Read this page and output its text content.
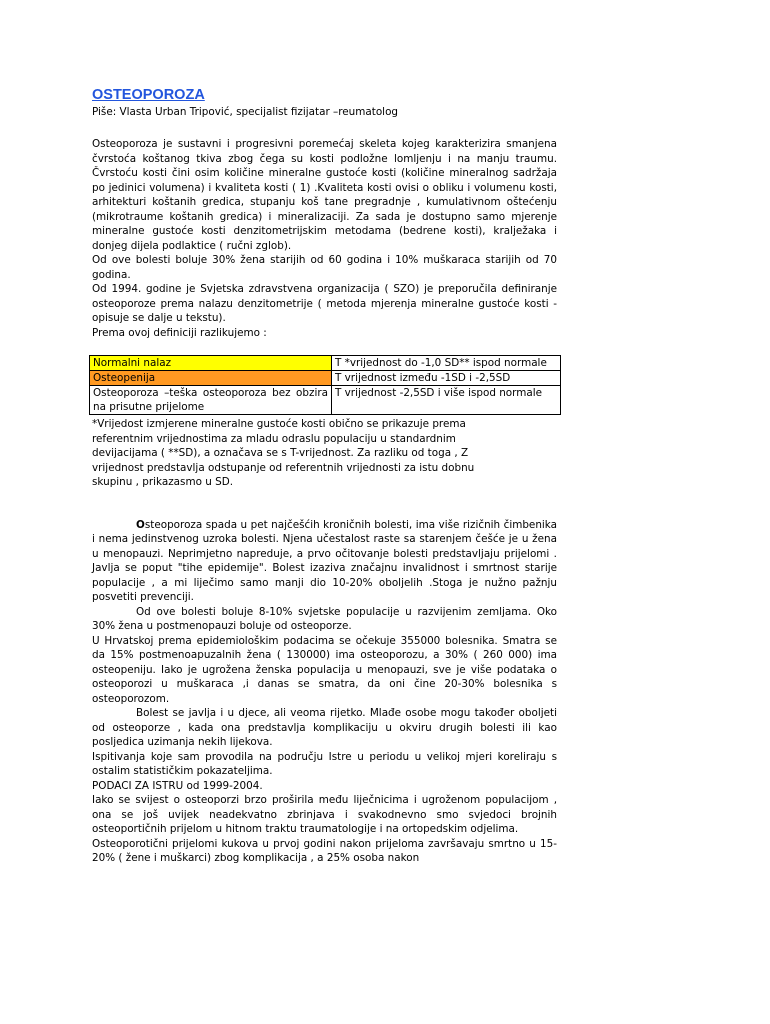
OSTEOPOROZA

Piše: Vlasta Urban Tripović, specijalist fizijatar –reumatolog

Osteoporoza je sustavni i progresivni poremećaj skeleta kojeg karakterizira smanjena čvrstoća koštanog tkiva zbog čega su kosti podložne lomljenju i na manju traumu. Čvrstoću kosti čini osim količine mineralne gustoće kosti (količine mineralnog sadržaja po jedinici volumena) i kvaliteta kosti ( 1) .Kvaliteta kosti ovisi o obliku i volumenu kosti, arhitekturi koštanih gredica, stupanju koš tane pregradnje , kumulativnom oštećenju (mikrotraume koštanih gredica) i mineralizaciji. Za sada je dostupno samo mjerenje mineralne gustoće kosti denzitometrijskim metodama (bedrene kosti), kralježaka i donjeg dijela podlaktice ( ručni zglob).

Od ove bolesti boluje 30% žena starijih od 60 godina i 10% muškaraca starijih od 70 godina.

Od 1994. godine je Svjetska zdravstvena organizacija ( SZO) je preporučila definiranje osteoporoze prema nalazu denzitometrije ( metoda mjerenja mineralne gustoće kosti - opisuje se dalje u tekstu).

Prema ovoj definiciji razlikujemo :

Normalni nalaz	T *vrijednost do -1,0 SD** ispod normale
Osteopenija	T vrijednost između -1SD i -2,5SD
Osteoporoza –teška osteoporoza bez obzira na prisutne prijelome	T vrijednost -2,5SD i više ispod normale

*Vrijedost izmjerene mineralne gustoće kosti obično se prikazuje prema referentnim vrijednostima za mladu odraslu populaciju u standardnim devijacijama ( **SD), a označava se s T-vrijednost. Za razliku od toga , Z vrijednost predstavlja odstupanje od referentnih vrijednosti za istu dobnu skupinu , prikazasmo u SD.

Osteoporoza spada u pet najčešćih kroničnih bolesti, ima više rizičnih čimbenika i nema jedinstvenog uzroka bolesti. Njena učestalost raste sa starenjem češće je u žena u menopauzi. Neprimjetno napreduje, a prvo očitovanje bolesti predstavljaju prijelomi . Javlja se poput "tihe epidemije". Bolest izaziva značajnu invalidnost i smrtnost starije populacije , a mi liječimo samo manji dio 10-20% oboljelih .Stoga je nužno pažnju posvetiti prevenciji.

Od ove bolesti boluje 8-10% svjetske populacije u razvijenim zemljama. Oko 30% žena u postmenopauzi boluje od osteoporze.

U Hrvatskoj prema epidemiološkim podacima se očekuje 355000 bolesnika. Smatra se da 15% postmenoapuzalnih žena ( 130000) ima osteoporozu, a 30% ( 260 000) ima osteopeniju. Iako je ugrožena ženska populacija u menopauzi, sve je više podataka o osteoporozi u muškaraca ,i danas se smatra, da oni čine 20-30% bolesnika s osteoporozom.

Bolest se javlja i u djece, ali veoma rijetko. Mlađe osobe mogu također oboljeti od osteoporze , kada ona predstavlja komplikaciju u okviru drugih bolesti ili kao posljedica uzimanja nekih lijekova.

Ispitivanja koje sam provodila na području Istre u periodu u velikoj mjeri koreliraju s ostalim statističkim pokazateljima.

PODACI ZA ISTRU od 1999-2004.

Iako se svijest o osteoporzi brzo proširila među liječnicima i ugroženom populacijom , ona se još uvijek neadekvatno zbrinjava i svakodnevno smo svjedoci brojnih osteoportičnih prijelom u hitnom traktu traumatologije i na ortopedskim odjelima.

Osteoporotični prijelomi kukova u prvoj godini nakon prijeloma završavaju smrtno u 15-20% ( žene i muškarci) zbog komplikacija , a 25% osoba nakon
